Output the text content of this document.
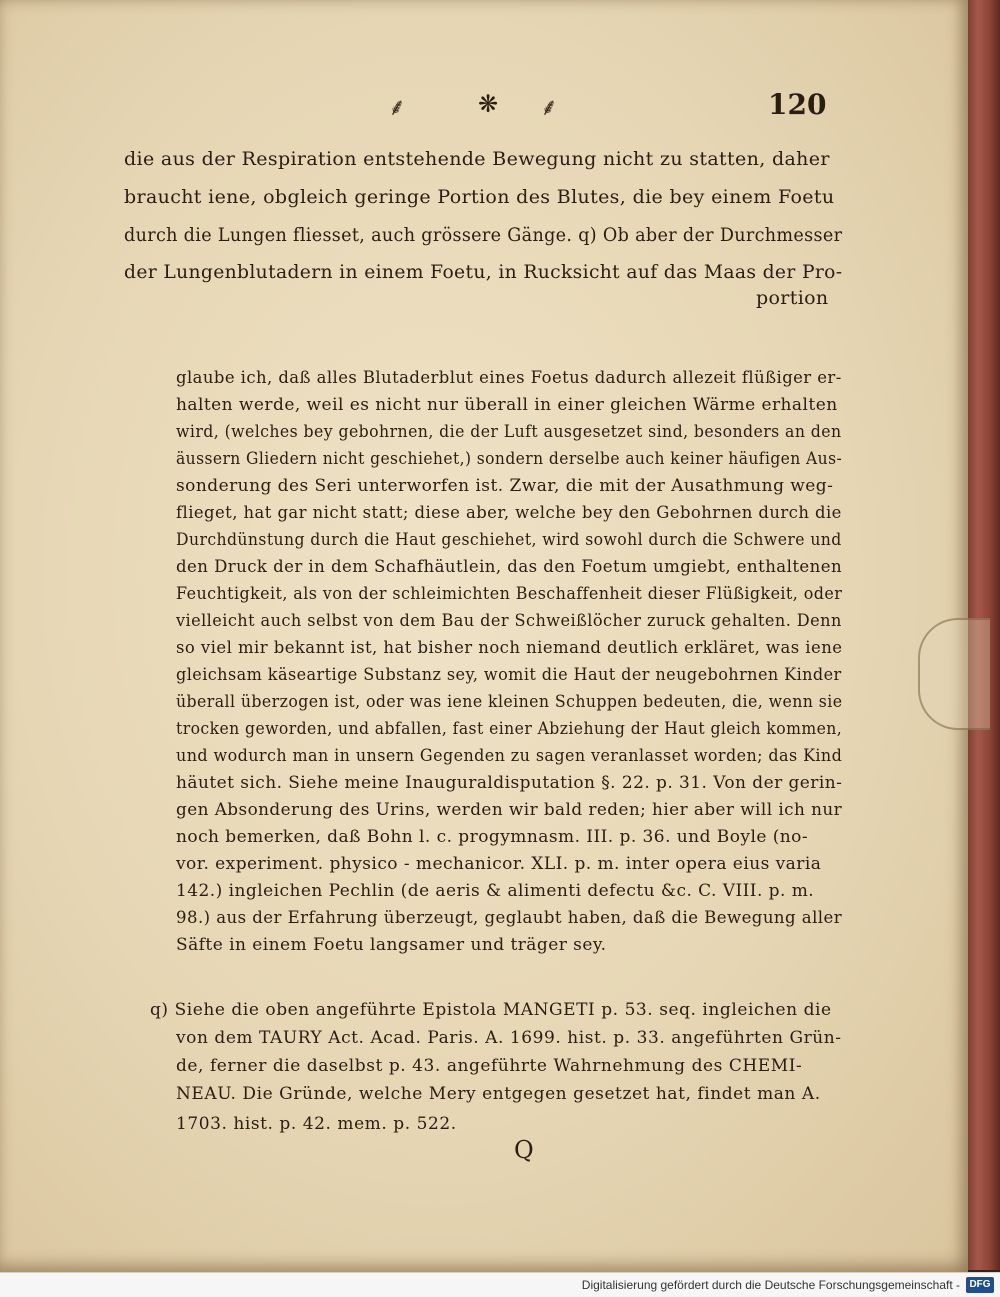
⸙	❋ ⸙	120
die aus der Respiration entstehende Bewegung nicht zu statten, daher
braucht iene, obgleich geringe Portion des Blutes, die bey einem Foetu
durch die Lungen fliesset, auch grössere Gänge. q) Ob aber der Durchmesser
der Lungenblutadern in einem Foetu, in Rucksicht auf das Maas der Pro-
portion
glaube ich, daß alles Blutaderblut eines Foetus dadurch allezeit flüßiger er-
halten werde, weil es nicht nur überall in einer gleichen Wärme erhalten
wird, (welches bey gebohrnen, die der Luft ausgesetzet sind, besonders an den
äussern Gliedern nicht geschiehet,) sondern derselbe auch keiner häufigen Aus-
sonderung des Seri unterworfen ist. Zwar, die mit der Ausathmung weg-
flieget, hat gar nicht statt; diese aber, welche bey den Gebohrnen durch die
Durchdünstung durch die Haut geschiehet, wird sowohl durch die Schwere und
den Druck der in dem Schafhäutlein, das den Foetum umgiebt, enthaltenen
Feuchtigkeit, als von der schleimichten Beschaffenheit dieser Flüßigkeit, oder
vielleicht auch selbst von dem Bau der Schweißlöcher zuruck gehalten. Denn
so viel mir bekannt ist, hat bisher noch niemand deutlich erkläret, was iene
gleichsam käseartige Substanz sey, womit die Haut der neugebohrnen Kinder
überall überzogen ist, oder was iene kleinen Schuppen bedeuten, die, wenn sie
trocken geworden, und abfallen, fast einer Abziehung der Haut gleich kommen,
und wodurch man in unsern Gegenden zu sagen veranlasset worden; das Kind
häutet sich. Siehe meine Inauguraldisputation §. 22. p. 31. Von der gerin-
gen Absonderung des Urins, werden wir bald reden; hier aber will ich nur
noch bemerken, daß Bohn l. c. progymnasm. III. p. 36. und Boyle (no-
vor. experiment. physico - mechanicor. XLI. p. m. inter opera eius varia
142.) ingleichen Pechlin (de aeris & alimenti defectu &c. C. VIII. p. m.
98.) aus der Erfahrung überzeugt, geglaubt haben, daß die Bewegung aller
Säfte in einem Foetu langsamer und träger sey.
q) Siehe die oben angeführte Epistola MANGETI p. 53. seq. ingleichen die
von dem TAURY Act. Acad. Paris. A. 1699. hist. p. 33. angeführten Grün-
de, ferner die daselbst p. 43. angeführte Wahrnehmung des CHEMI-
NEAU. Die Gründe, welche Mery entgegen gesetzet hat, findet man A.
1703. hist. p. 42. mem. p. 522.
Q
Digitalisierung gefördert durch die Deutsche Forschungsgemeinschaft - DFG
